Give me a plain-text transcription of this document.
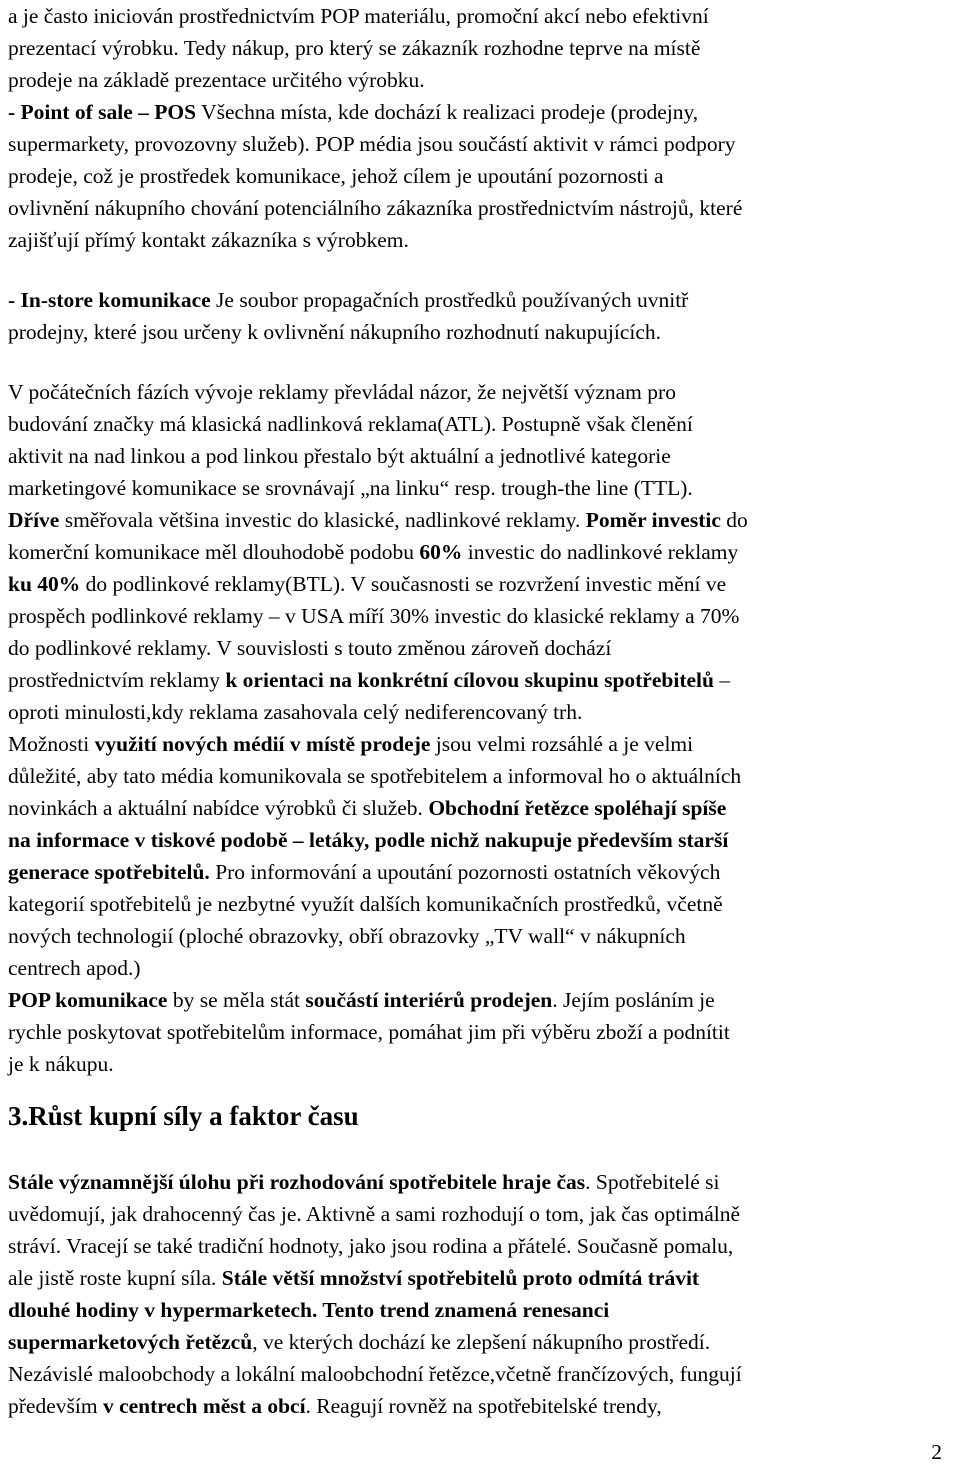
a je často iniciován prostřednictvím POP materiálu, promoční akcí nebo efektivní
prezentací výrobku. Tedy nákup, pro který se zákazník rozhodne teprve na místě
prodeje na základě prezentace určitého výrobku.
- Point of sale – POS Všechna místa, kde dochází k realizaci prodeje (prodejny,
supermarkety, provozovny služeb). POP média jsou součástí aktivit v rámci podpory
prodeje, což je prostředek komunikace, jehož cílem je upoutání pozornosti a
ovlivnění nákupního chování potenciálního zákazníka prostřednictvím nástrojů, které
zajišťují přímý kontakt zákazníka s výrobkem.
- In-store komunikace Je soubor propagačních prostředků používaných uvnitř
prodejny, které jsou určeny k ovlivnění nákupního rozhodnutí nakupujících.
V počátečních fázích vývoje reklamy převládal názor, že největší význam pro
budování značky má klasická nadlinková reklama(ATL). Postupně však členění
aktivit na nad linkou a pod linkou přestalo být aktuální a jednotlivé kategorie
marketingové komunikace se srovnávají „na linku“ resp. trough-the line (TTL).
Dříve směřovala většina investic do klasické, nadlinkové reklamy. Poměr investic do
komerční komunikace měl dlouhodobě podobu 60% investic do nadlinkové reklamy
ku 40% do podlinkové reklamy(BTL). V současnosti se rozvržení investic mění ve
prospěch podlinkové reklamy – v USA míří 30% investic do klasické reklamy a 70%
do podlinkové reklamy. V souvislosti s touto změnou zároveň dochází
prostřednictvím reklamy k orientaci na konkrétní cílovou skupinu spotřebitelů –
oproti minulosti,kdy reklama zasahovala celý nediferencovaný trh.
Možnosti využití nových médií v místě prodeje jsou velmi rozsáhlé a je velmi
důležité, aby tato média komunikovala se spotřebitelem a informoval ho o aktuálních
novinkách a aktuální nabídce výrobků či služeb. Obchodní řetězce spoléhají spíše
na informace v tiskové podobě – letáky, podle nichž nakupuje především starší
generace spotřebitelů. Pro informování a upoutání pozornosti ostatních věkových
kategorií spotřebitelů je nezbytné využít dalších komunikačních prostředků, včetně
nových technologií (ploché obrazovky, obří obrazovky „TV wall“ v nákupních
centrech apod.)
POP komunikace by se měla stát součástí interiérů prodejen. Jejím posláním je
rychle poskytovat spotřebitelům informace, pomáhat jim při výběru zboží a podnítit
je k nákupu.
Stále významnější úlohu při rozhodování spotřebitele hraje čas. Spotřebitelé si
uvědomují, jak drahocenný čas je. Aktivně a sami rozhodují o tom, jak čas optimálně
stráví. Vracejí se také tradiční hodnoty, jako jsou rodina a přátelé. Současně pomalu,
ale jistě roste kupní síla. Stále větší množství spotřebitelů proto odmítá trávit
dlouhé hodiny v hypermarketech. Tento trend znamená renesanci
supermarketových řetězců, ve kterých dochází ke zlepšení nákupního prostředí.
Nezávislé maloobchody a lokální maloobchodní řetězce,včetně frančízových, fungují
především v centrech měst a obcí. Reagují rovněž na spotřebitelské trendy,
3.Růst kupní síly a faktor času
2
